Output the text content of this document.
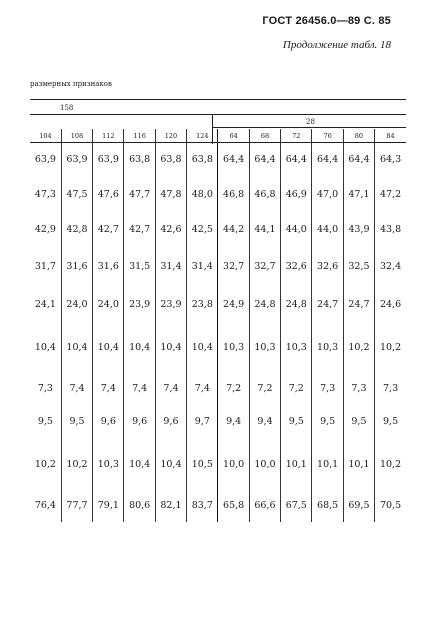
ГОСТ 26456.0—89 С. 85
Продолжение табл. 18
размерных признаков
158
28
104	108	112	116	120	124	64	68	72	76	80	84
63,9	63,9	63,9	63,8	63,8	63,8	64,4	64,4	64,4	64,4	64,4	64,3
47,3	47,5	47,6	47,7	47,8	48,0	46,8	46,8	46,9	47,0	47,1	47,2
42,9	42,8	42,7	42,7	42,6	42,5	44,2	44,1	44,0	44,0	43,9	43,8
31,7	31,6	31,6	31,5	31,4	31,4	32,7	32,7	32,6	32,6	32,5	32,4
24,1	24,0	24,0	23,9	23,9	23,8	24,9	24,8	24,8	24,7	24,7	24,6
10,4	10,4	10,4	10,4	10,4	10,4	10,3	10,3	10,3	10,3	10,2	10,2
7,3	7,4	7,4	7,4	7,4	7,4	7,2	7,2	7,2	7,3	7,3	7,3
9,5	9,5	9,6	9,6	9,6	9,7	9,4	9,4	9,5	9,5	9,5	9,5
10,2	10,2	10,3	10,4	10,4	10,5	10,0	10,0	10,1	10,1	10,1	10,2
76,4	77,7	79,1	80,6	82,1	83,7	65,8	66,6	67,5	68,5	69,5	70,5
